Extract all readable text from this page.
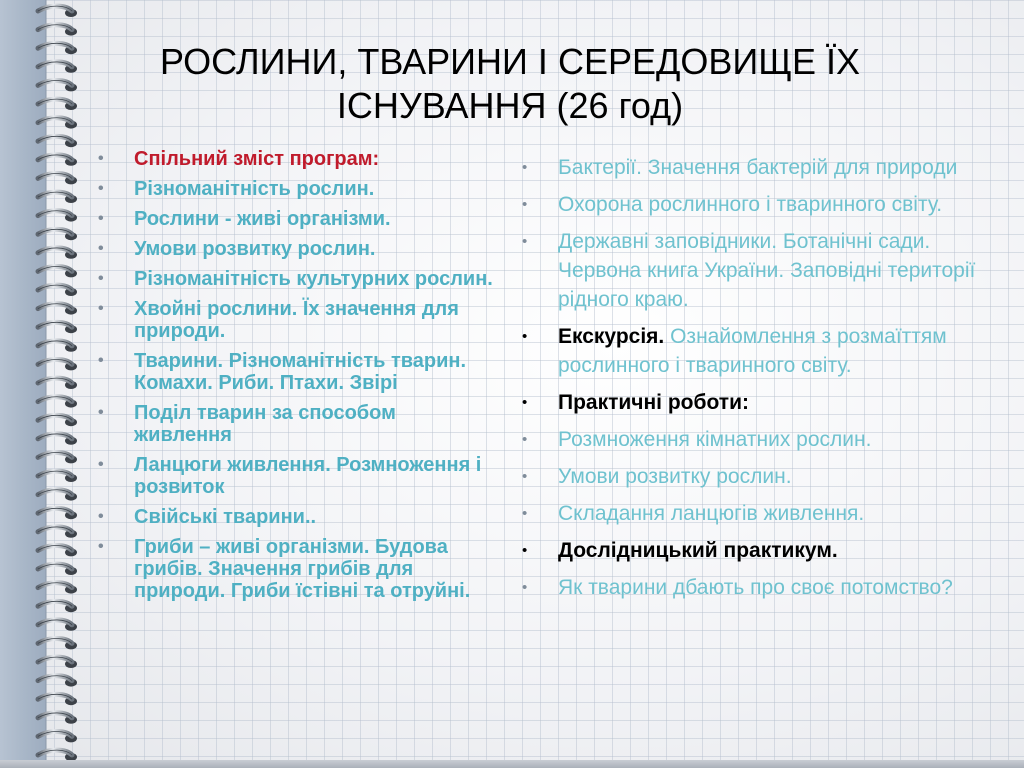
РОСЛИНИ, ТВАРИНИ І СЕРЕДОВИЩЕ ЇХ ІСНУВАННЯ (26 год)
• Спільний зміст програм:
• Різноманітність рослин.
• Рослини - живі організми.
• Умови розвитку рослин.
• Різноманітність культурних рослин.
• Хвойні рослини. Їх значення для природи.
• Тварини. Різноманітність тварин. Комахи. Риби. Птахи. Звірі
• Поділ тварин за способом живлення
• Ланцюги живлення. Розмноження і розвиток
• Свійські тварини..
• Гриби – живі організми. Будова грибів. Значення грибів для природи. Гриби їстівні та отруйні.
• Бактерії. Значення бактерій для природи
• Охорона рослинного і тваринного світу.
• Державні заповідники. Ботанічні сади. Червона книга України. Заповідні території рідного краю.
• Екскурсія. Ознайомлення з розмаїттям рослинного і тваринного світу.
• Практичні роботи:
• Розмноження кімнатних рослин.
• Умови розвитку рослин.
• Складання ланцюгів живлення.
• Дослідницький практикум.
• Як тварини дбають про своє потомство?
